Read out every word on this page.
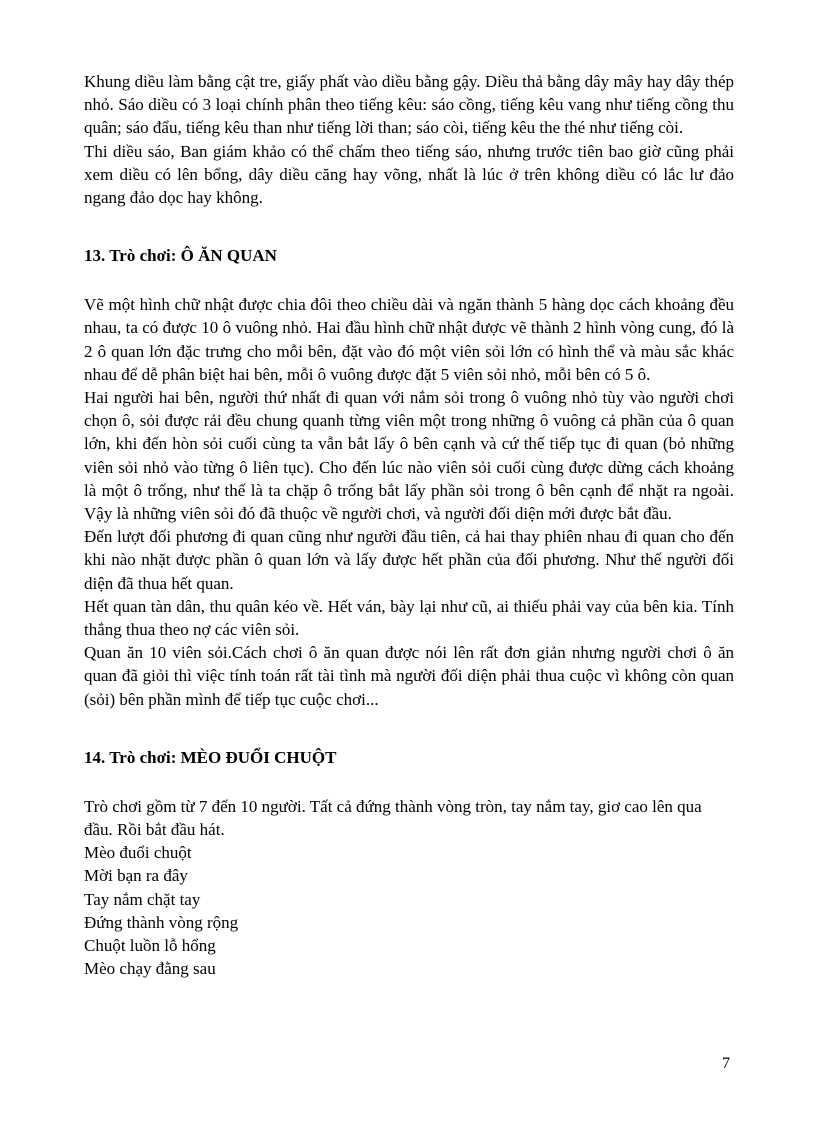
Khung diều làm bằng cật tre, giấy phất vào diều bằng gậy. Diều thả bằng dây mây hay dây thép nhỏ. Sáo diều có 3 loại chính phân theo tiếng kêu: sáo cồng, tiếng kêu vang như tiếng cồng thu quân; sáo đẩu, tiếng kêu than như tiếng lời than; sáo còi, tiếng kêu the thé như tiếng còi.

Thi diều sáo, Ban giám khảo có thể chấm theo tiếng sáo, nhưng trước tiên bao giờ cũng phải xem diều có lên bổng, dây diều căng hay võng, nhất là lúc ở trên không diều có lắc lư đảo ngang đảo dọc hay không.

13. Trò chơi: Ô ĂN QUAN

Vẽ một hình chữ nhật được chia đôi theo chiều dài và ngăn thành 5 hàng dọc cách khoảng đều nhau, ta có được 10 ô vuông nhỏ. Hai đầu hình chữ nhật được vẽ thành 2 hình vòng cung, đó là 2 ô quan lớn đặc trưng cho mỗi bên, đặt vào đó một viên sỏi lớn có hình thể và màu sắc khác nhau để dễ phân biệt hai bên, mỗi ô vuông được đặt 5 viên sỏi nhỏ, mỗi bên có 5 ô.

Hai người hai bên, người thứ nhất đi quan với nắm sỏi trong ô vuông nhỏ tùy vào người chơi chọn ô, sỏi được rải đều chung quanh từng viên một trong những ô vuông cả phần của ô quan lớn, khi đến hòn sỏi cuối cùng ta vẫn bắt lấy ô bên cạnh và cứ thế tiếp tục đi quan (bỏ những viên sỏi nhỏ vào từng ô liên tục). Cho đến lúc nào viên sỏi cuối cùng được dừng cách khoảng là một ô trống, như thế là ta chặp ô trống bắt lấy phần sỏi trong ô bên cạnh để nhặt ra ngoài. Vậy là những viên sỏi đó đã thuộc về người chơi, và người đối diện mới được bắt đầu.

Đến lượt đối phương đi quan cũng như người đầu tiên, cả hai thay phiên nhau đi quan cho đến khi nào nhặt được phần ô quan lớn và lấy được hết phần của đối phương. Như thế người đối diện đã thua hết quan.

Hết quan tàn dân, thu quân kéo về. Hết ván, bày lại như cũ, ai thiếu phải vay của bên kia. Tính thắng thua theo nợ các viên sỏi.

Quan ăn 10 viên sỏi.Cách chơi ô ăn quan được nói lên rất đơn giản nhưng người chơi ô ăn quan đã giỏi thì việc tính toán rất tài tình mà người đối diện phải thua cuộc vì không còn quan (sỏi) bên phần mình để tiếp tục cuộc chơi...

14. Trò chơi: MÈO ĐUỔI CHUỘT

Trò chơi gồm từ 7 đến 10 người. Tất cả đứng thành vòng tròn, tay nắm tay, giơ cao lên qua đầu. Rồi bắt đầu hát.

Mèo đuổi chuột

Mời bạn ra đây

Tay nắm chặt tay

Đứng thành vòng rộng

Chuột luồn lỗ hổng

Mèo chạy đằng sau

7
